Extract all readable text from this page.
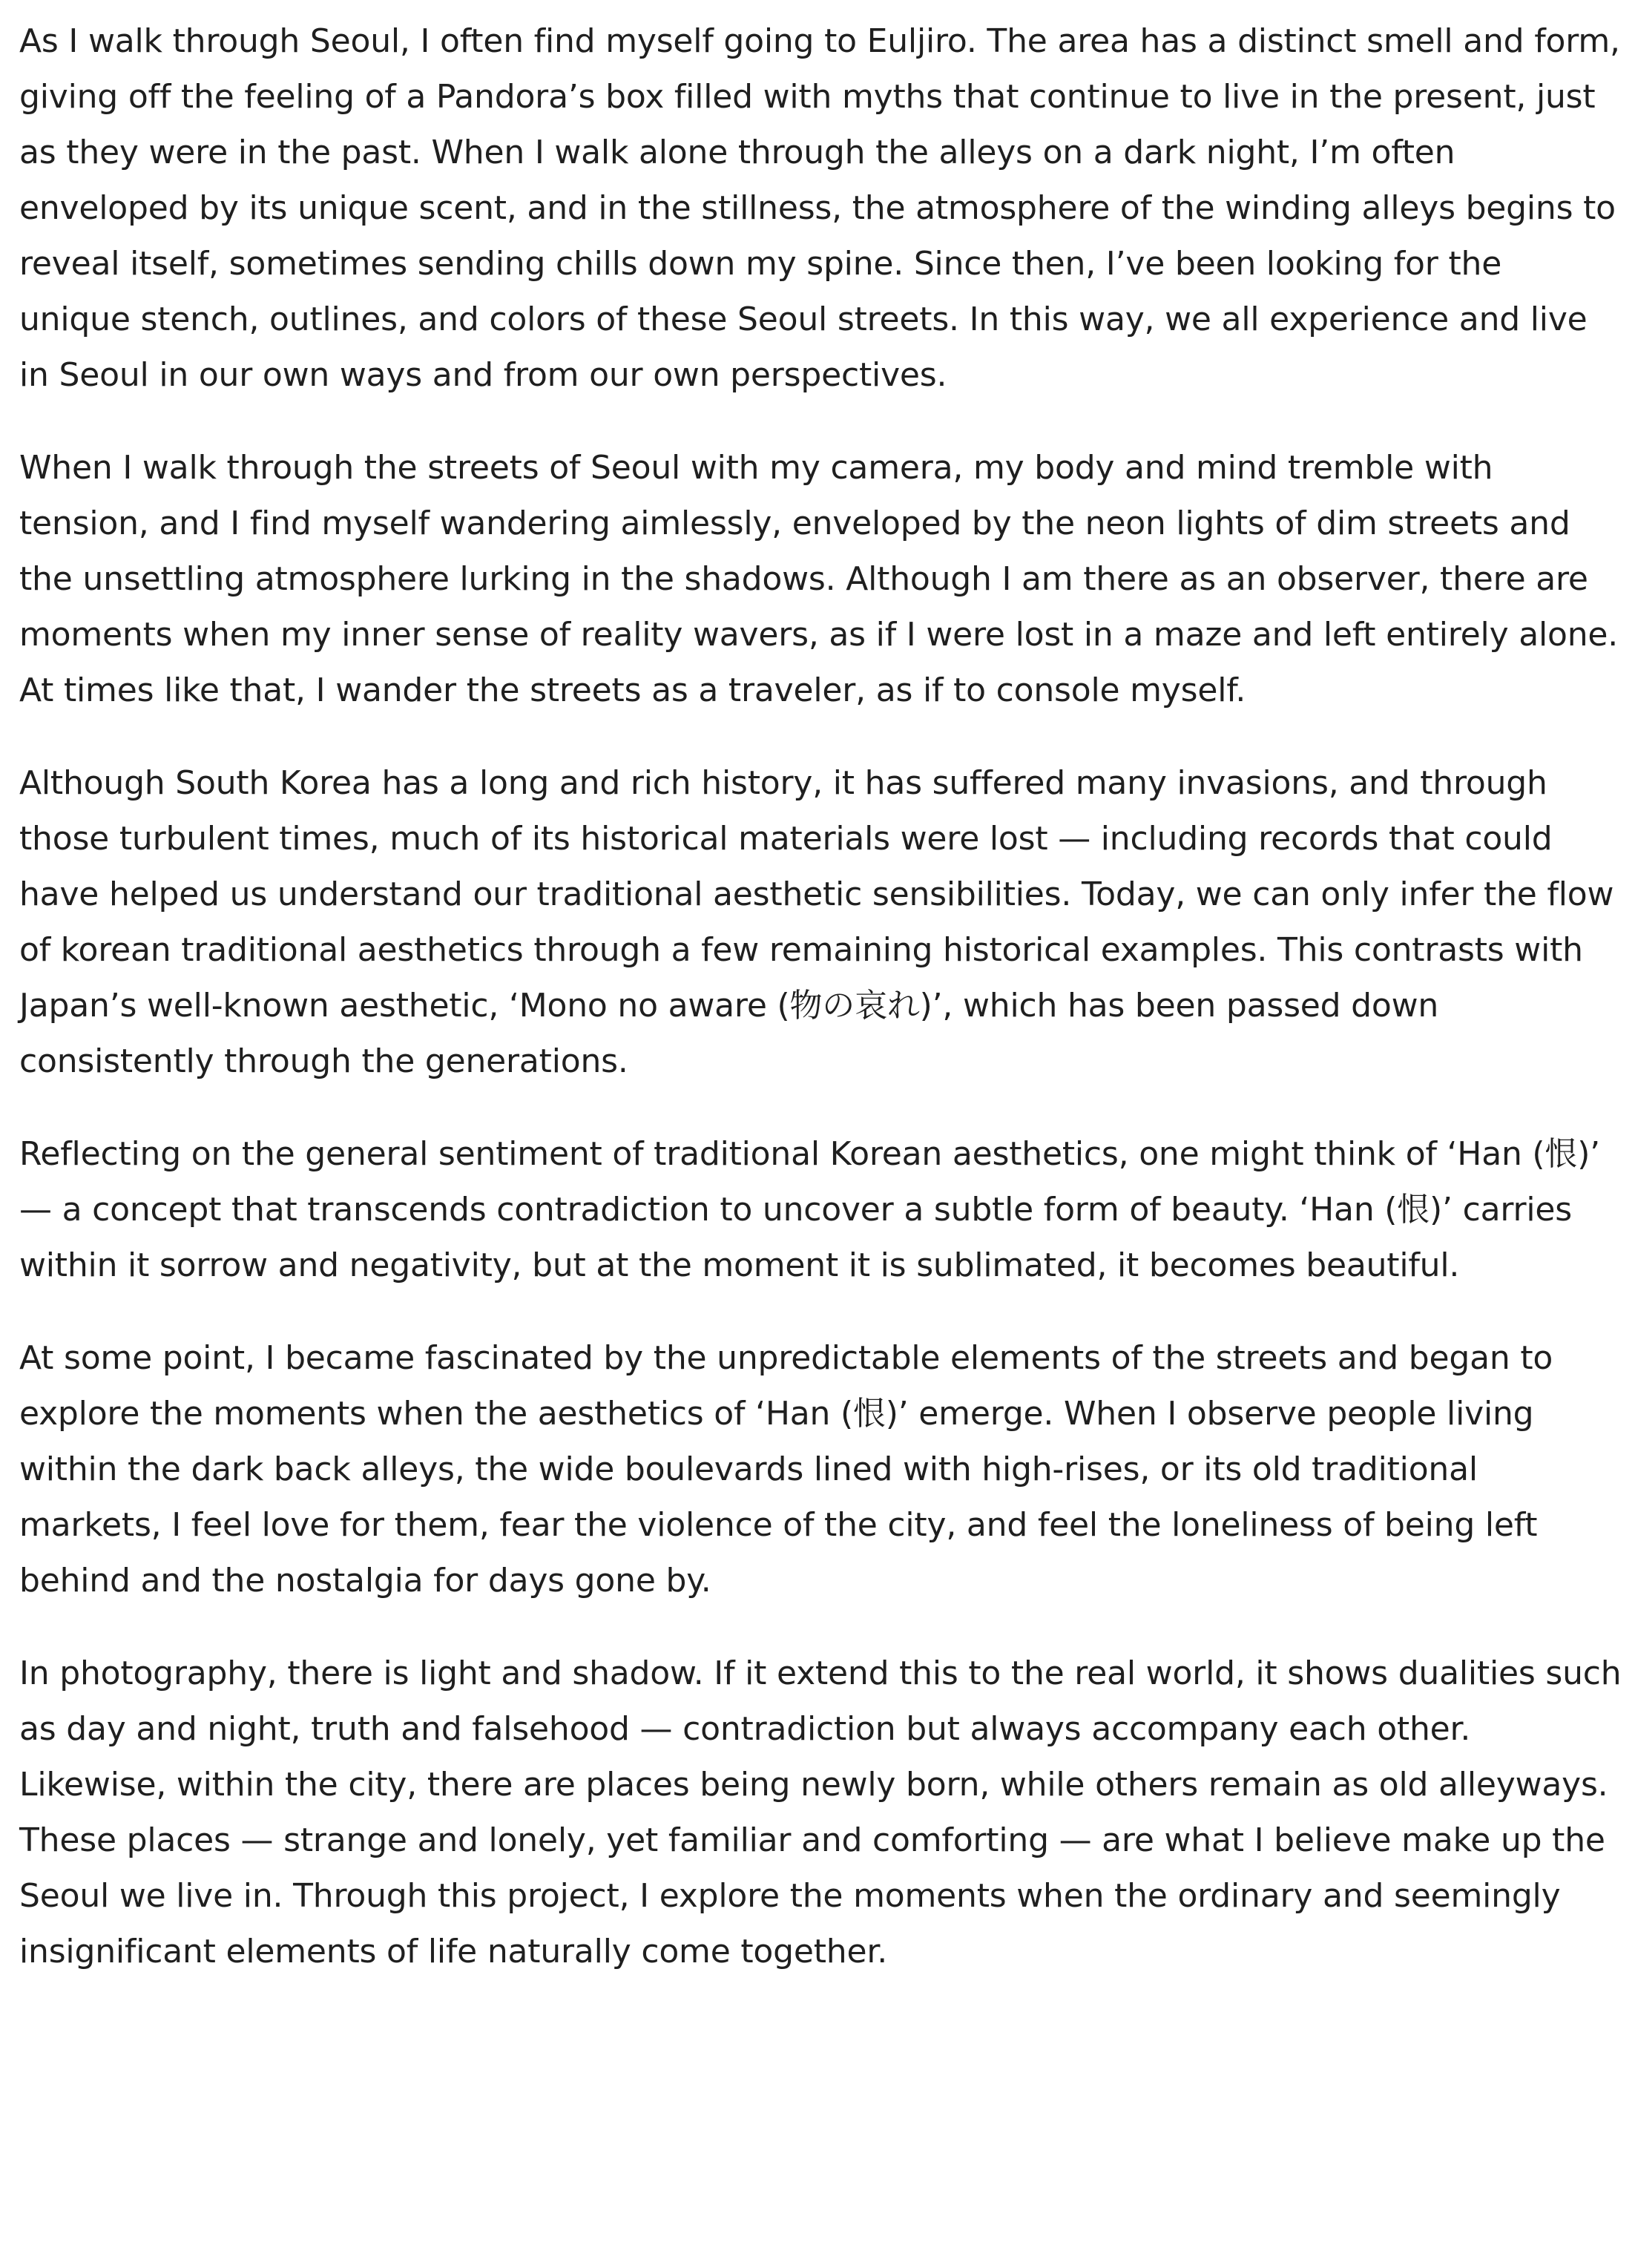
As I walk through Seoul, I often find myself going to Euljiro. The area has a distinct smell and form, giving off the feeling of a Pandora’s box filled with myths that continue to live in the present, just as they were in the past. When I walk alone through the alleys on a dark night, I’m often enveloped by its unique scent, and in the stillness, the atmosphere of the winding alleys begins to reveal itself, sometimes sending chills down my spine. Since then, I’ve been looking for the unique stench, outlines, and colors of these Seoul streets. In this way, we all experience and live in Seoul in our own ways and from our own perspectives.

When I walk through the streets of Seoul with my camera, my body and mind tremble with tension, and I find myself wandering aimlessly, enveloped by the neon lights of dim streets and the unsettling atmosphere lurking in the shadows. Although I am there as an observer, there are moments when my inner sense of reality wavers, as if I were lost in a maze and left entirely alone. At times like that, I wander the streets as a traveler, as if to console myself.

Although South Korea has a long and rich history, it has suffered many invasions, and through those turbulent times, much of its historical materials were lost — including records that could have helped us understand our traditional aesthetic sensibilities. Today, we can only infer the flow of korean traditional aesthetics through a few remaining historical examples. This contrasts with Japan’s well-known aesthetic, ‘Mono no aware (物の哀れ)’, which has been passed down consistently through the generations.

Reflecting on the general sentiment of traditional Korean aesthetics, one might think of ‘Han (恨)’ — a concept that transcends contradiction to uncover a subtle form of beauty. ‘Han (恨)’ carries within it sorrow and negativity, but at the moment it is sublimated, it becomes beautiful.

At some point, I became fascinated by the unpredictable elements of the streets and began to explore the moments when the aesthetics of ‘Han (恨)’ emerge. When I observe people living within the dark back alleys, the wide boulevards lined with high-rises, or its old traditional markets, I feel love for them, fear the violence of the city, and feel the loneliness of being left behind and the nostalgia for days gone by.

In photography, there is light and shadow. If it extend this to the real world, it shows dualities such as day and night, truth and falsehood — contradiction but always accompany each other. Likewise, within the city, there are places being newly born, while others remain as old alleyways. These places — strange and lonely, yet familiar and comforting — are what I believe make up the Seoul we live in. Through this project, I explore the moments when the ordinary and seemingly insignificant elements of life naturally come together.
